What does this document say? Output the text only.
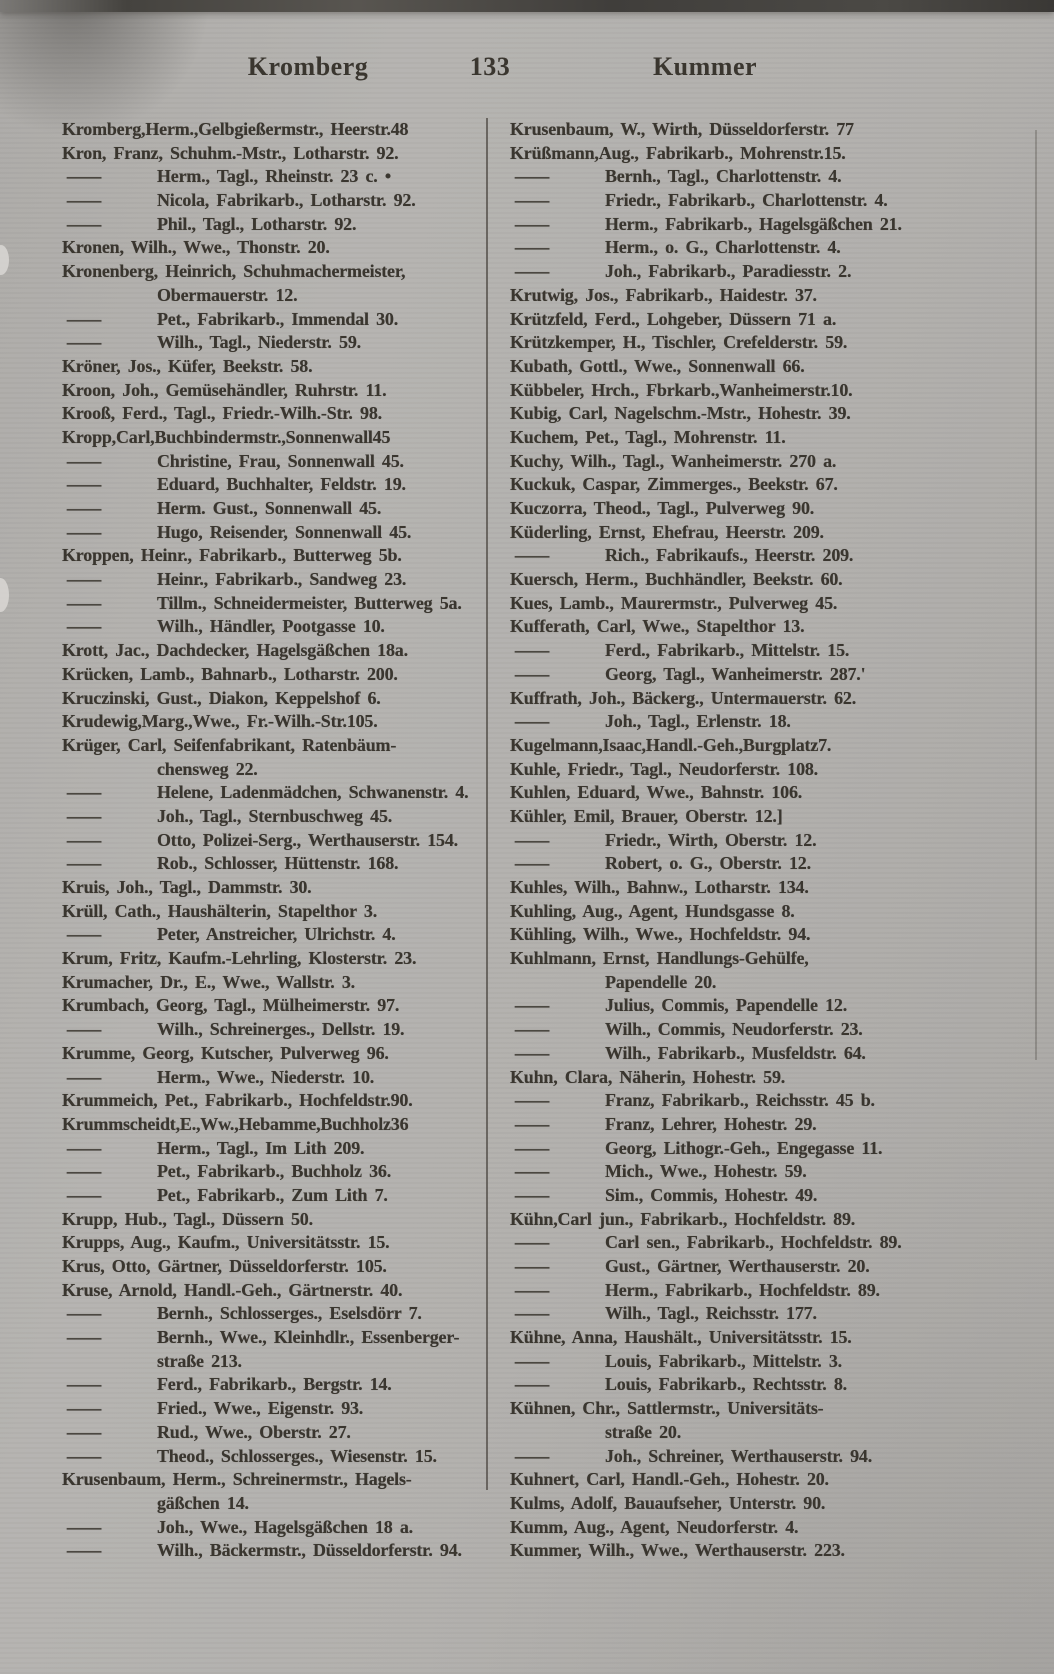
Kromberg	133	Kummer
Kromberg,Herm.,Gelbgießermstr., Heerstr.48
Kron, Franz, Schuhm.-Mstr., Lotharstr. 92.
—	Herm., Tagl., Rheinstr. 23 c. •
—	Nicola, Fabrikarb., Lotharstr. 92.
—	Phil., Tagl., Lotharstr. 92.
Kronen, Wilh., Wwe., Thonstr. 20.
Kronenberg, Heinrich, Schuhmachermeister,
Obermauerstr. 12.
—	Pet., Fabrikarb., Immendal 30.
—	Wilh., Tagl., Niederstr. 59.
Kröner, Jos., Küfer, Beekstr. 58.
Kroon, Joh., Gemüsehändler, Ruhrstr. 11.
Krooß, Ferd., Tagl., Friedr.-Wilh.-Str. 98.
Kropp,Carl,Buchbindermstr.,Sonnenwall45
—	Christine, Frau, Sonnenwall 45.
—	Eduard, Buchhalter, Feldstr. 19.
—	Herm. Gust., Sonnenwall 45.
—	Hugo, Reisender, Sonnenwall 45.
Kroppen, Heinr., Fabrikarb., Butterweg 5b.
—	Heinr., Fabrikarb., Sandweg 23.
—	Tillm., Schneidermeister, Butterweg 5a.
—	Wilh., Händler, Pootgasse 10.
Krott, Jac., Dachdecker, Hagelsgäßchen 18a.
Krücken, Lamb., Bahnarb., Lotharstr. 200.
Kruczinski, Gust., Diakon, Keppelshof 6.
Krudewig,Marg.,Wwe., Fr.-Wilh.-Str.105.
Krüger, Carl, Seifenfabrikant, Ratenbäum-
chensweg 22.
—	Helene, Ladenmädchen, Schwanenstr. 4.
—	Joh., Tagl., Sternbuschweg 45.
—	Otto, Polizei-Serg., Werthauserstr. 154.
—	Rob., Schlosser, Hüttenstr. 168.
Kruis, Joh., Tagl., Dammstr. 30.
Krüll, Cath., Haushälterin, Stapelthor 3.
—	Peter, Anstreicher, Ulrichstr. 4.
Krum, Fritz, Kaufm.-Lehrling, Klosterstr. 23.
Krumacher, Dr., E., Wwe., Wallstr. 3.
Krumbach, Georg, Tagl., Mülheimerstr. 97.
—	Wilh., Schreinerges., Dellstr. 19.
Krumme, Georg, Kutscher, Pulverweg 96.
—	Herm., Wwe., Niederstr. 10.
Krummeich, Pet., Fabrikarb., Hochfeldstr.90.
Krummscheidt,E.,Ww.,Hebamme,Buchholz36
—	Herm., Tagl., Im Lith 209.
—	Pet., Fabrikarb., Buchholz 36.
—	Pet., Fabrikarb., Zum Lith 7.
Krupp, Hub., Tagl., Düssern 50.
Krupps, Aug., Kaufm., Universitätsstr. 15.
Krus, Otto, Gärtner, Düsseldorferstr. 105.
Kruse, Arnold, Handl.-Geh., Gärtnerstr. 40.
—	Bernh., Schlosserges., Eselsdörr 7.
—	Bernh., Wwe., Kleinhdlr., Essenberger-
straße 213.
—	Ferd., Fabrikarb., Bergstr. 14.
—	Fried., Wwe., Eigenstr. 93.
—	Rud., Wwe., Oberstr. 27.
—	Theod., Schlosserges., Wiesenstr. 15.
Krusenbaum, Herm., Schreinermstr., Hagels-
gäßchen 14.
—	Joh., Wwe., Hagelsgäßchen 18 a.
—	Wilh., Bäckermstr., Düsseldorferstr. 94.
Krusenbaum, W., Wirth, Düsseldorferstr. 77
Krüßmann,Aug., Fabrikarb., Mohrenstr.15.
—	Bernh., Tagl., Charlottenstr. 4.
—	Friedr., Fabrikarb., Charlottenstr. 4.
—	Herm., Fabrikarb., Hagelsgäßchen 21.
—	Herm., o. G., Charlottenstr. 4.
—	Joh., Fabrikarb., Paradiesstr. 2.
Krutwig, Jos., Fabrikarb., Haidestr. 37.
Krützfeld, Ferd., Lohgeber, Düssern 71 a.
Krützkemper, H., Tischler, Crefelderstr. 59.
Kubath, Gottl., Wwe., Sonnenwall 66.
Kübbeler, Hrch., Fbrkarb.,Wanheimerstr.10.
Kubig, Carl, Nagelschm.-Mstr., Hohestr. 39.
Kuchem, Pet., Tagl., Mohrenstr. 11.
Kuchy, Wilh., Tagl., Wanheimerstr. 270 a.
Kuckuk, Caspar, Zimmerges., Beekstr. 67.
Kuczorra, Theod., Tagl., Pulverweg 90.
Küderling, Ernst, Ehefrau, Heerstr. 209.
—	Rich., Fabrikaufs., Heerstr. 209.
Kuersch, Herm., Buchhändler, Beekstr. 60.
Kues, Lamb., Maurermstr., Pulverweg 45.
Kufferath, Carl, Wwe., Stapelthor 13.
—	Ferd., Fabrikarb., Mittelstr. 15.
—	Georg, Tagl., Wanheimerstr. 287.'
Kuffrath, Joh., Bäckerg., Untermauerstr. 62.
—	Joh., Tagl., Erlenstr. 18.
Kugelmann,Isaac,Handl.-Geh.,Burgplatz7.
Kuhle, Friedr., Tagl., Neudorferstr. 108.
Kuhlen, Eduard, Wwe., Bahnstr. 106.
Kühler, Emil, Brauer, Oberstr. 12.]
—	Friedr., Wirth, Oberstr. 12.
—	Robert, o. G., Oberstr. 12.
Kuhles, Wilh., Bahnw., Lotharstr. 134.
Kuhling, Aug., Agent, Hundsgasse 8.
Kühling, Wilh., Wwe., Hochfeldstr. 94.
Kuhlmann, Ernst, Handlungs-Gehülfe,
Papendelle 20.
—	Julius, Commis, Papendelle 12.
—	Wilh., Commis, Neudorferstr. 23.
—	Wilh., Fabrikarb., Musfeldstr. 64.
Kuhn, Clara, Näherin, Hohestr. 59.
—	Franz, Fabrikarb., Reichsstr. 45 b.
—	Franz, Lehrer, Hohestr. 29.
—	Georg, Lithogr.-Geh., Engegasse 11.
—	Mich., Wwe., Hohestr. 59.
—	Sim., Commis, Hohestr. 49.
Kühn,Carl jun., Fabrikarb., Hochfeldstr. 89.
—	Carl sen., Fabrikarb., Hochfeldstr. 89.
—	Gust., Gärtner, Werthauserstr. 20.
—	Herm., Fabrikarb., Hochfeldstr. 89.
—	Wilh., Tagl., Reichsstr. 177.
Kühne, Anna, Haushält., Universitätsstr. 15.
—	Louis, Fabrikarb., Mittelstr. 3.
—	Louis, Fabrikarb., Rechtsstr. 8.
Kühnen, Chr., Sattlermstr., Universitäts-
straße 20.
—	Joh., Schreiner, Werthauserstr. 94.
Kuhnert, Carl, Handl.-Geh., Hohestr. 20.
Kulms, Adolf, Bauaufseher, Unterstr. 90.
Kumm, Aug., Agent, Neudorferstr. 4.
Kummer, Wilh., Wwe., Werthauserstr. 223.
